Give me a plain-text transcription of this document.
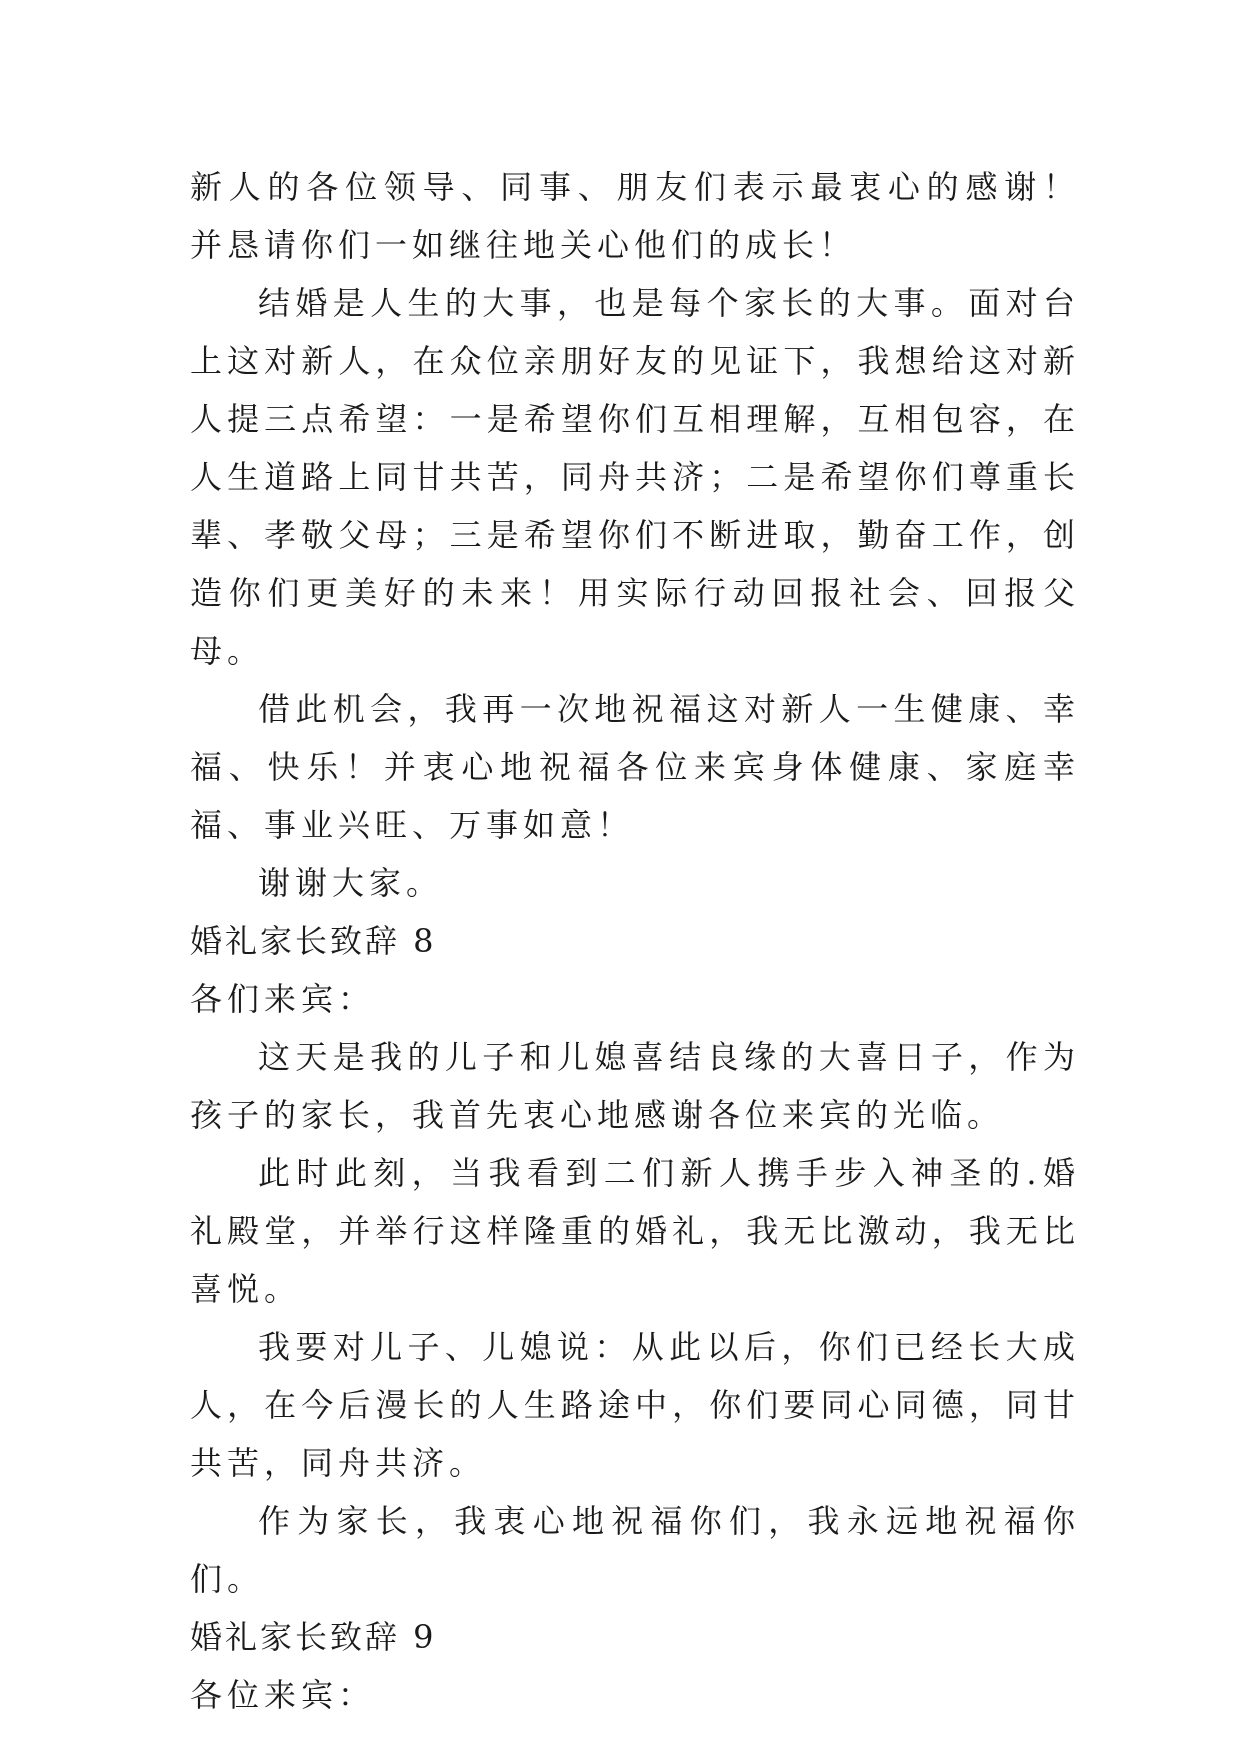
新人的各位领导、同事、朋友们表示最衷心的感谢！　并恳请你们一如继往地关心他们的成长！

结婚是人生的大事，也是每个家长的大事。面对台上这对新人，在众位亲朋好友的见证下，我想给这对新人提三点希望：一是希望你们互相理解，互相包容，在人生道路上同甘共苦，同舟共济；二是希望你们尊重长辈、孝敬父母；三是希望你们不断进取，勤奋工作，创造你们更美好的未来！用实际行动回报社会、回报父母。

借此机会，我再一次地祝福这对新人一生健康、幸福、快乐！并衷心地祝福各位来宾身体健康、家庭幸福、事业兴旺、万事如意！

谢谢大家。

婚礼家长致辞 8

各们来宾：

这天是我的儿子和儿媳喜结良缘的大喜日子，作为孩子的家长，我首先衷心地感谢各位来宾的光临。

此时此刻，当我看到二们新人携手步入神圣的.婚礼殿堂，并举行这样隆重的婚礼，我无比激动，我无比喜悦。

我要对儿子、儿媳说：从此以后，你们已经长大成人，在今后漫长的人生路途中，你们要同心同德，同甘共苦，同舟共济。

作为家长，我衷心地祝福你们，我永远地祝福你们。

婚礼家长致辞 9

各位来宾：
